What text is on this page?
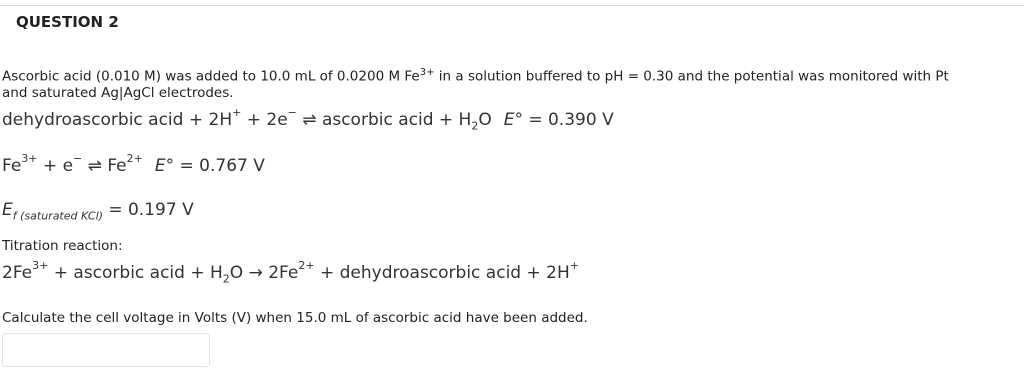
QUESTION 2
Ascorbic acid (0.010 M) was added to 10.0 mL of 0.0200 M $Fe^{3+}$ in a solution buffered to pH = 0.30 and the potential was monitored with Pt
and saturated Ag|AgCl electrodes.
dehydroascorbic acid + 2H+ + 2e− ⇌ ascorbic acid + $H_2O$ E° = 0.390 V
$Fe^{3+} + e^-$ ⇌ $Fe^{2+}$ E° = 0.767 V
$E_{f (saturated KCl)} = 0.197$ V
Titration reaction:
$2Fe^{3+}$ + ascorbic acid + $H_2O \to 2Fe^{2+}$ + dehydroascorbic acid + 2H+
Calculate the cell voltage in Volts (V) when 15.0 mL of ascorbic acid have been added.
